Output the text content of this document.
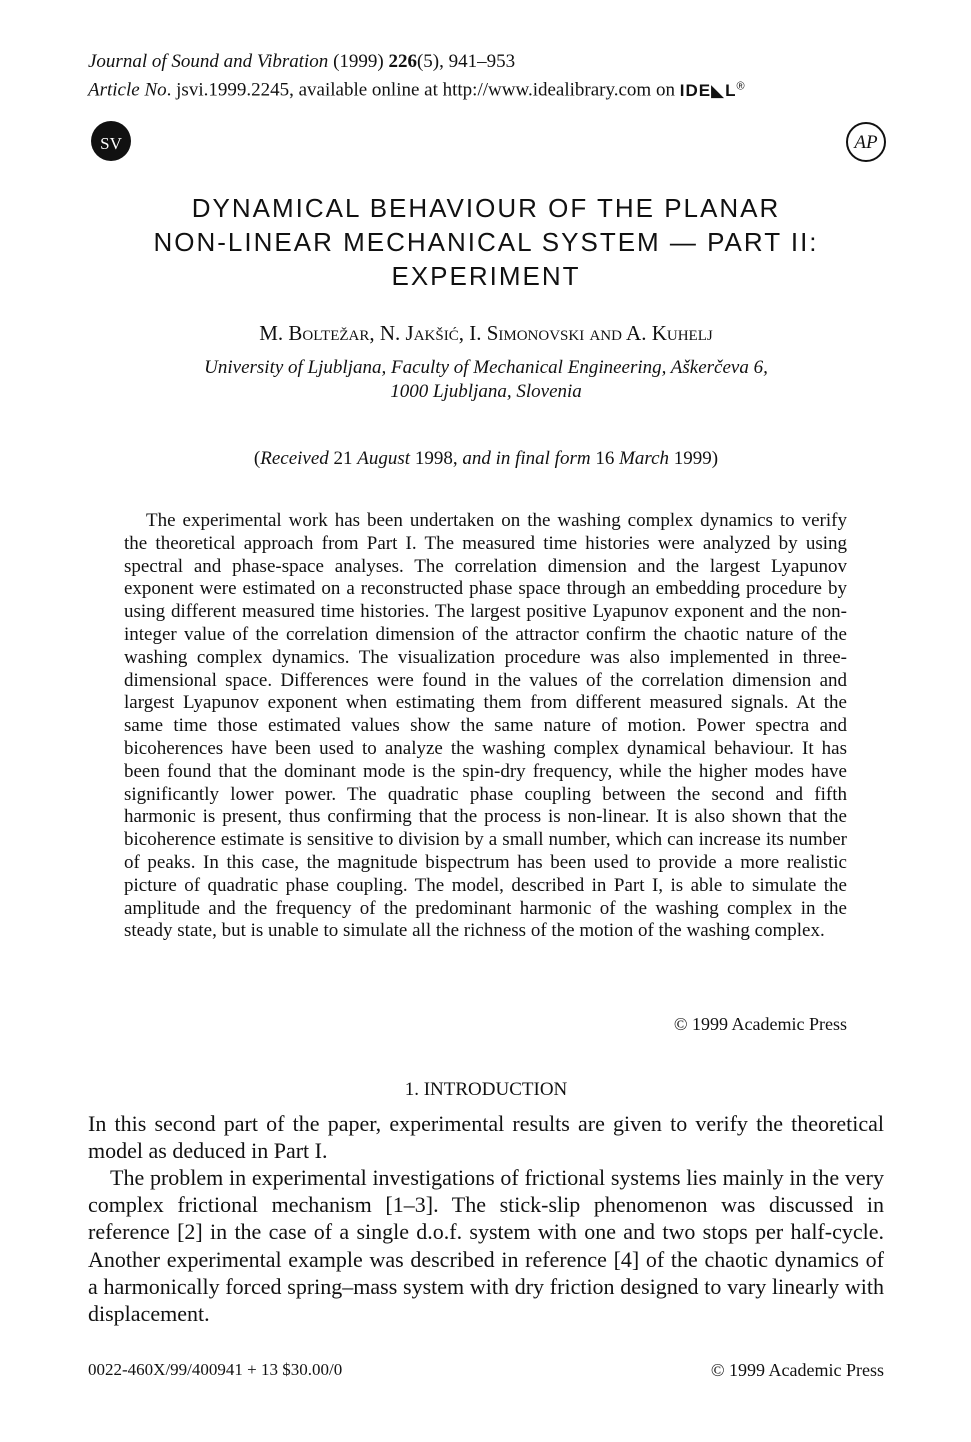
Journal of Sound and Vibration (1999) 226(5), 941–953
Article No. jsvi.1999.2245, available online at http://www.idealibrary.com on IDE◣L®
SV	AP
DYNAMICAL BEHAVIOUR OF THE PLANAR
NON-LINEAR MECHANICAL SYSTEM — PART II:
EXPERIMENT
M. Boltežar, N. Jakšić, I. Simonovski and A. Kuhelj
University of Ljubljana, Faculty of Mechanical Engineering, Aškerčeva 6,
1000 Ljubljana, Slovenia
(Received 21 August 1998, and in final form 16 March 1999)

The experimental work has been undertaken on the washing complex dynamics to verify the theoretical approach from Part I. The measured time histories were analyzed by using spectral and phase-space analyses. The correlation dimension and the largest Lyapunov exponent were estimated on a reconstructed phase space through an embedding procedure by using different measured time histories. The largest positive Lyapunov exponent and the non-integer value of the correlation dimension of the attractor confirm the chaotic nature of the washing complex dynamics. The visualization procedure was also implemented in three-dimensional space. Differences were found in the values of the correlation dimension and largest Lyapunov exponent when estimating them from different measured signals. At the same time those estimated values show the same nature of motion. Power spectra and bicoherences have been used to analyze the washing complex dynamical behaviour. It has been found that the dominant mode is the spin-dry frequency, while the higher modes have significantly lower power. The quadratic phase coupling between the second and fifth harmonic is present, thus confirming that the process is non-linear. It is also shown that the bicoherence estimate is sensitive to division by a small number, which can increase its number of peaks. In this case, the magnitude bispectrum has been used to provide a more realistic picture of quadratic phase coupling. The model, described in Part I, is able to simulate the amplitude and the frequency of the predominant harmonic of the washing complex in the steady state, but is unable to simulate all the richness of the motion of the washing complex.

© 1999 Academic Press
1. INTRODUCTION

In this second part of the paper, experimental results are given to verify the theoretical model as deduced in Part I.

The problem in experimental investigations of frictional systems lies mainly in the very complex frictional mechanism [1–3]. The stick-slip phenomenon was discussed in reference [2] in the case of a single d.o.f. system with one and two stops per half-cycle. Another experimental example was described in reference [4] of the chaotic dynamics of a harmonically forced spring–mass system with dry friction designed to vary linearly with displacement.

0022-460X/99/400941 + 13 $30.00/0	© 1999 Academic Press
